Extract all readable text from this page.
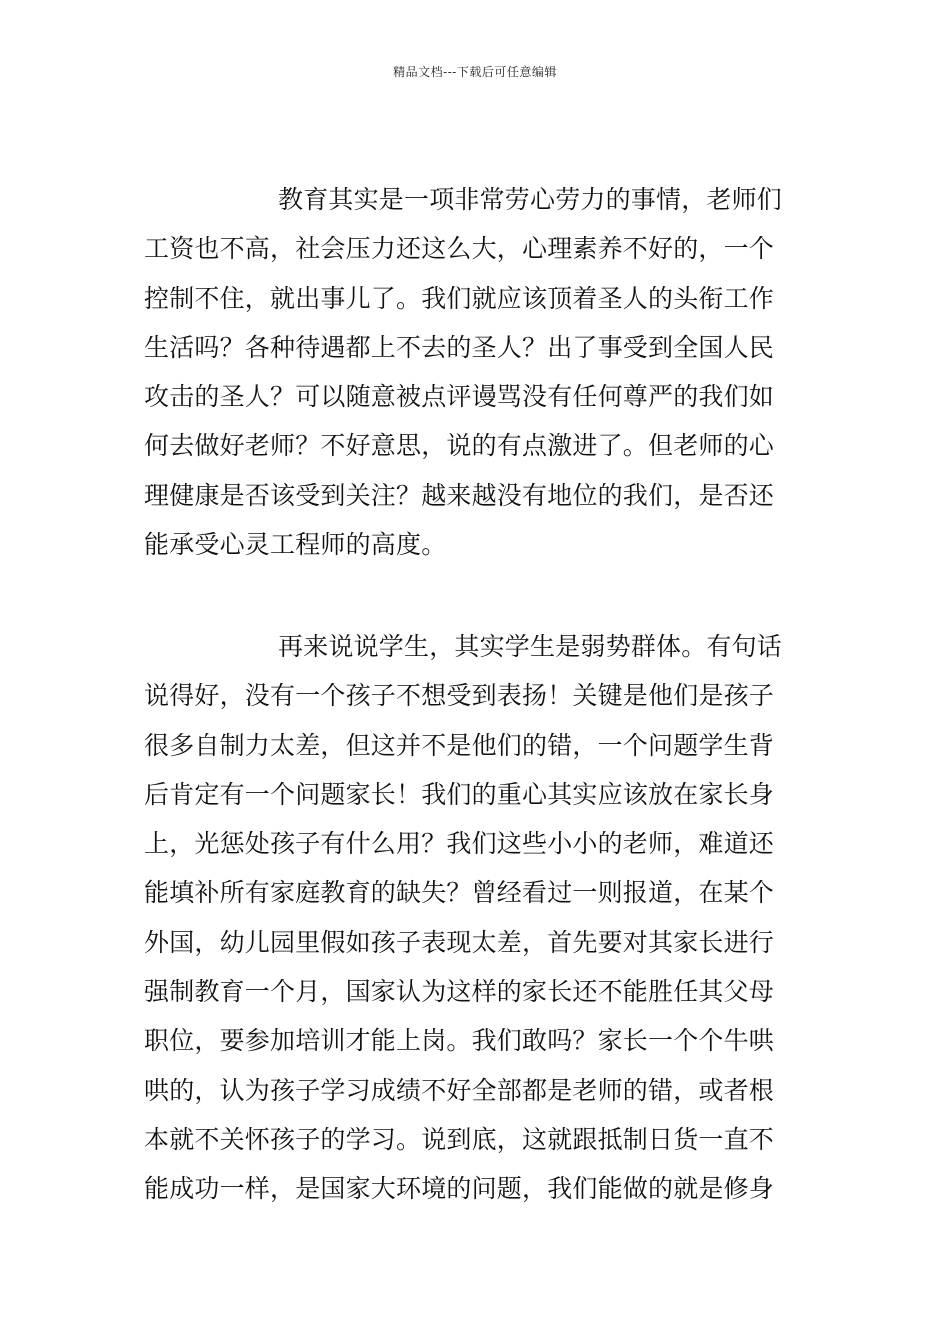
精品文档---下载后可任意编辑
教育其实是一项非常劳心劳力的事情，老师们
工资也不高，社会压力还这么大，心理素养不好的，一个
控制不住，就出事儿了。我们就应该顶着圣人的头衔工作
生活吗？各种待遇都上不去的圣人？出了事受到全国人民
攻击的圣人？可以随意被点评谩骂没有任何尊严的我们如
何去做好老师？不好意思，说的有点激进了。但老师的心
理健康是否该受到关注？越来越没有地位的我们，是否还
能承受心灵工程师的高度。
再来说说学生，其实学生是弱势群体。有句话
说得好，没有一个孩子不想受到表扬！关键是他们是孩子
很多自制力太差，但这并不是他们的错，一个问题学生背
后肯定有一个问题家长！我们的重心其实应该放在家长身
上，光惩处孩子有什么用？我们这些小小的老师，难道还
能填补所有家庭教育的缺失？曾经看过一则报道，在某个
外国，幼儿园里假如孩子表现太差，首先要对其家长进行
强制教育一个月，国家认为这样的家长还不能胜任其父母
职位，要参加培训才能上岗。我们敢吗？家长一个个牛哄
哄的，认为孩子学习成绩不好全部都是老师的错，或者根
本就不关怀孩子的学习。说到底，这就跟抵制日货一直不
能成功一样，是国家大环境的问题，我们能做的就是修身
